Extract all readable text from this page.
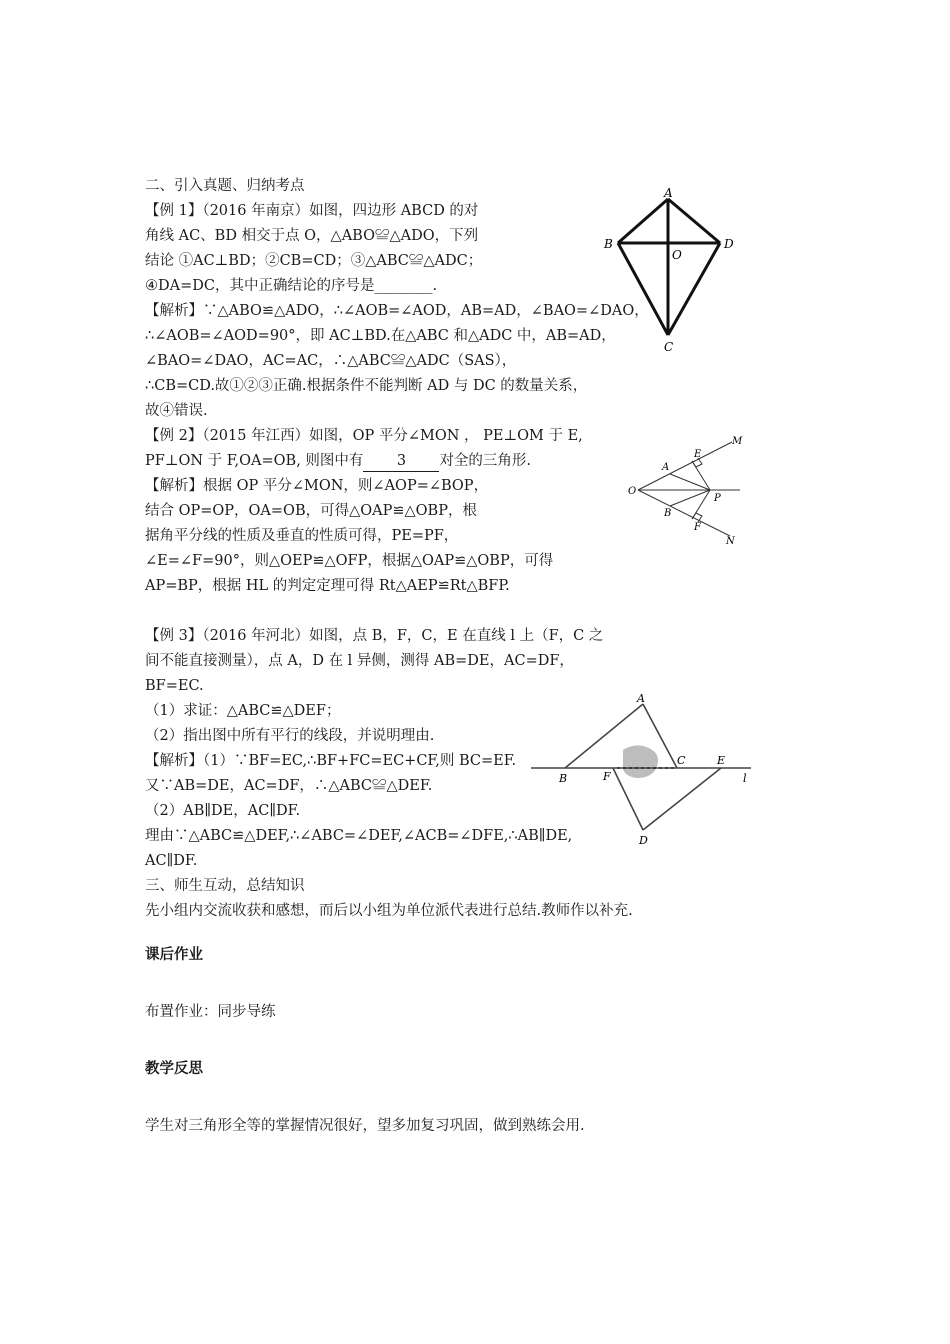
二、引入真题、归纳考点
【例 1】（2016 年南京）如图，四边形 ABCD 的对
角线 AC、BD 相交于点 O，△ABO≌△ADO，下列
结论 ①AC⊥BD；②CB=CD；③△ABC≌△ADC；
④DA=DC，其中正确结论的序号是________.
【解析】∵△ABO≌△ADO，∴∠AOB=∠AOD，AB=AD，∠BAO=∠DAO，
∴∠AOB=∠AOD=90°，即 AC⊥BD.在△ABC 和△ADC 中，AB=AD，
∠BAO=∠DAO，AC=AC，∴△ABC≌△ADC（SAS），
∴CB=CD.故①②③正确.根据条件不能判断 AD 与 DC 的数量关系，
故④错误.
A
B	D
O
C
【例 2】（2015 年江西）如图，OP 平分∠MON ， PE⊥OM 于 E,
PF⊥ON 于 F,OA=OB, 则图中有 3 对全的三角形.
【解析】根据 OP 平分∠MON，则∠AOP=∠BOP，
结合 OP=OP，OA=OB，可得△OAP≌△OBP，根
据角平分线的性质及垂直的性质可得，PE=PF，
∠E=∠F=90°，则△OEP≌△OFP，根据△OAP≌△OBP，可得
AP=BP，根据 HL 的判定定理可得 Rt△AEP≌Rt△BFP.
M
E
A
O
P
B
F
N
【例 3】（2016 年河北）如图，点 B，F，C，E 在直线 l 上（F，C 之
间不能直接测量），点 A，D 在 l 异侧，测得 AB=DE，AC=DF，
BF=EC.
（1）求证：△ABC≌△DEF；
（2）指出图中所有平行的线段，并说明理由.
【解析】（1）∵BF=EC,∴BF+FC=EC+CF,则 BC=EF.
又∵AB=DE，AC=DF，∴△ABC≌△DEF.
（2）AB∥DE，AC∥DF.
理由∵△ABC≌△DEF,∴∠ABC=∠DEF,∠ACB=∠DFE,∴AB∥DE,
AC∥DF.
A
B	F
C	E
l
D
三、师生互动，总结知识
先小组内交流收获和感想，而后以小组为单位派代表进行总结.教师作以补充.
课后作业
布置作业：同步导练
教学反思
学生对三角形全等的掌握情况很好，望多加复习巩固，做到熟练会用.
